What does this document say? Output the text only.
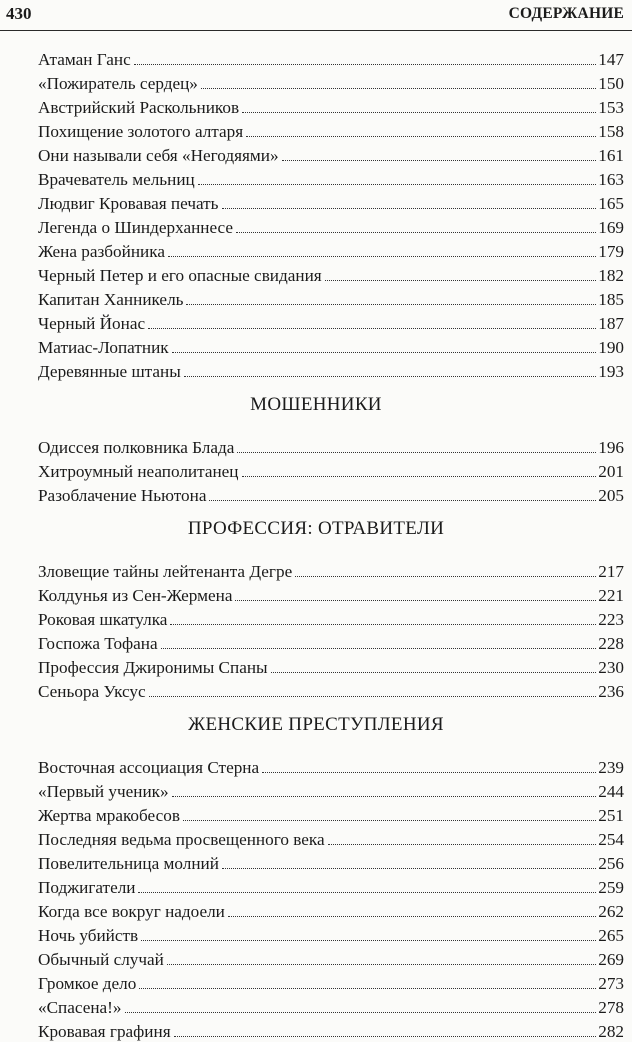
430	СОДЕРЖАНИЕ
Атаман Ганс	147
«Пожиратель сердец»	150
Австрийский Раскольников	153
Похищение золотого алтаря	158
Они называли себя «Негодяями»	161
Врачеватель мельниц	163
Людвиг Кровавая печать	165
Легенда о Шиндерханнесе	169
Жена разбойника	179
Черный Петер и его опасные свидания	182
Капитан Ханникель	185
Черный Йонас	187
Матиас-Лопатник	190
Деревянные штаны	193
МОШЕННИКИ
Одиссея полковника Блада	196
Хитроумный неаполитанец	201
Разоблачение Ньютона	205
ПРОФЕССИЯ: ОТРАВИТЕЛИ
Зловещие тайны лейтенанта Дегре	217
Колдунья из Сен-Жермена	221
Роковая шкатулка	223
Госпожа Тофана	228
Профессия Джиронимы Спаны	230
Сеньора Уксус	236
ЖЕНСКИЕ ПРЕСТУПЛЕНИЯ
Восточная ассоциация Стерна	239
«Первый ученик»	244
Жертва мракобесов	251
Последняя ведьма просвещенного века	254
Повелительница молний	256
Поджигатели	259
Когда все вокруг надоели	262
Ночь убийств	265
Обычный случай	269
Громкое дело	273
«Спасена!»	278
Кровавая графиня	282
